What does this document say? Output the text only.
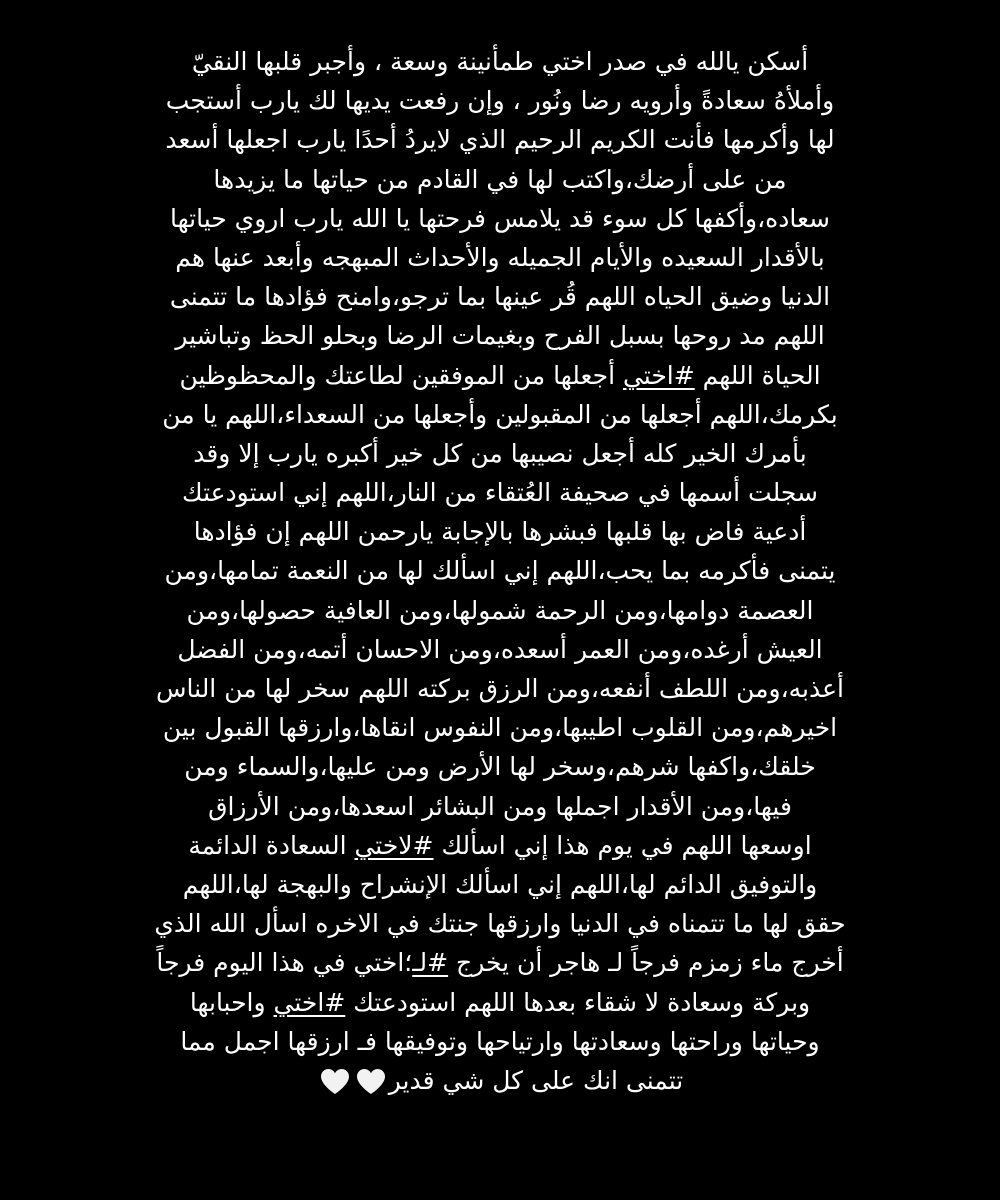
أسكن يالله في صدر اختي طمأنينة وسعة ، وأجبر قلبها النقيّ
وأملأهُ سعادةً وأرويه رضا ونُور ، وإن رفعت يديها لك يارب أستجب
لها وأكرمها فأنت الكريم الرحيم الذي لايردُ أحدًا يارب اجعلها أسعد
من على أرضك،واكتب لها في القادم من حياتها ما يزيدها
سعاده،وأكفها كل سوء قد يلامس فرحتها يا الله يارب اروي حياتها
بالأقدار السعيده والأيام الجميله والأحداث المبهجه وأبعد عنها هم
الدنيا وضيق الحياه اللهم قُر عينها بما ترجو،وامنح فؤادها ما تتمنى
اللهم مد روحها بسبل الفرح وبغيمات الرضا وبحلو الحظ وتباشير
الحياة اللهم #اختي أجعلها من الموفقين لطاعتك والمحظوظين
بكرمك،اللهم أجعلها من المقبولين وأجعلها من السعداء،اللهم يا من
بأمرك الخير كله أجعل نصيبها من كل خير أكبره يارب إلا وقد
سجلت أسمها في صحيفة العُتقاء من النار،اللهم إني استودعتك
أدعية فاض بها قلبها فبشرها بالإجابة يارحمن اللهم إن فؤادها
يتمنى فأكرمه بما يحب،اللهم إني اسألك لها من النعمة تمامها،ومن
العصمة دوامها،ومن الرحمة شمولها،ومن العافية حصولها،ومن
العيش أرغده،ومن العمر أسعده،ومن الاحسان أتمه،ومن الفضل
أعذبه،ومن اللطف أنفعه،ومن الرزق بركته اللهم سخر لها من الناس
اخيرهم،ومن القلوب اطيبها،ومن النفوس انقاها،وارزقها القبول بين
خلقك،واكفها شرهم،وسخر لها الأرض ومن عليها،والسماء ومن
فيها،ومن الأقدار اجملها ومن البشائر اسعدها،ومن الأرزاق
اوسعها اللهم في يوم هذا إني اسألك #لاختي السعادة الدائمة
والتوفيق الدائم لها،اللهم إني اسألك الإنشراح والبهجة لها،اللهم
حقق لها ما تتمناه في الدنيا وارزقها جنتك في الاخره اسأل الله الذي
أخرج ماء زمزم فرجاً لـ هاجر أن يخرج #لـ؛اختي في هذا اليوم فرجاً
وبركة وسعادة لا شقاء بعدها اللهم استودعتك #اختي واحبابها
وحياتها وراحتها وسعادتها وارتياحها وتوفيقها فـ ارزقها اجمل مما
تتمنى انك على كل شي قدير
